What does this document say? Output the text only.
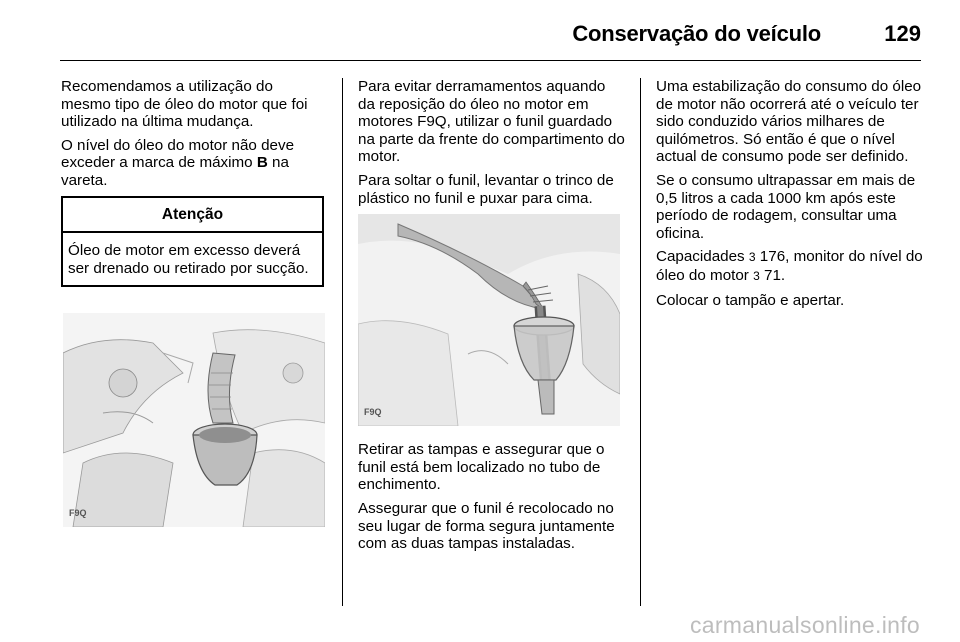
Conservação do veículo	129

Recomendamos a utilização do mesmo tipo de óleo do motor que foi utilizado na última mudança.

O nível do óleo do motor não deve exceder a marca de máximo B na vareta.

Atenção
Óleo de motor em excesso deverá ser drenado ou retirado por sucção.
F9Q

Para evitar derramamentos aquando da reposição do óleo no motor em motores F9Q, utilizar o funil guardado na parte da frente do compartimento do motor.

Para soltar o funil, levantar o trinco de plástico no funil e puxar para cima.

F9Q

Retirar as tampas e assegurar que o funil está bem localizado no tubo de enchimento.

Assegurar que o funil é recolocado no seu lugar de forma segura juntamente com as duas tampas instaladas.

Uma estabilização do consumo do óleo de motor não ocorrerá até o veículo ter sido conduzido vários milhares de quilómetros. Só então é que o nível actual de consumo pode ser definido.

Se o consumo ultrapassar em mais de 0,5 litros a cada 1000 km após este período de rodagem, consultar uma oficina.

Capacidades 3 176, monitor do nível do óleo do motor 3 71.

Colocar o tampão e apertar.

carmanualsonline.info
